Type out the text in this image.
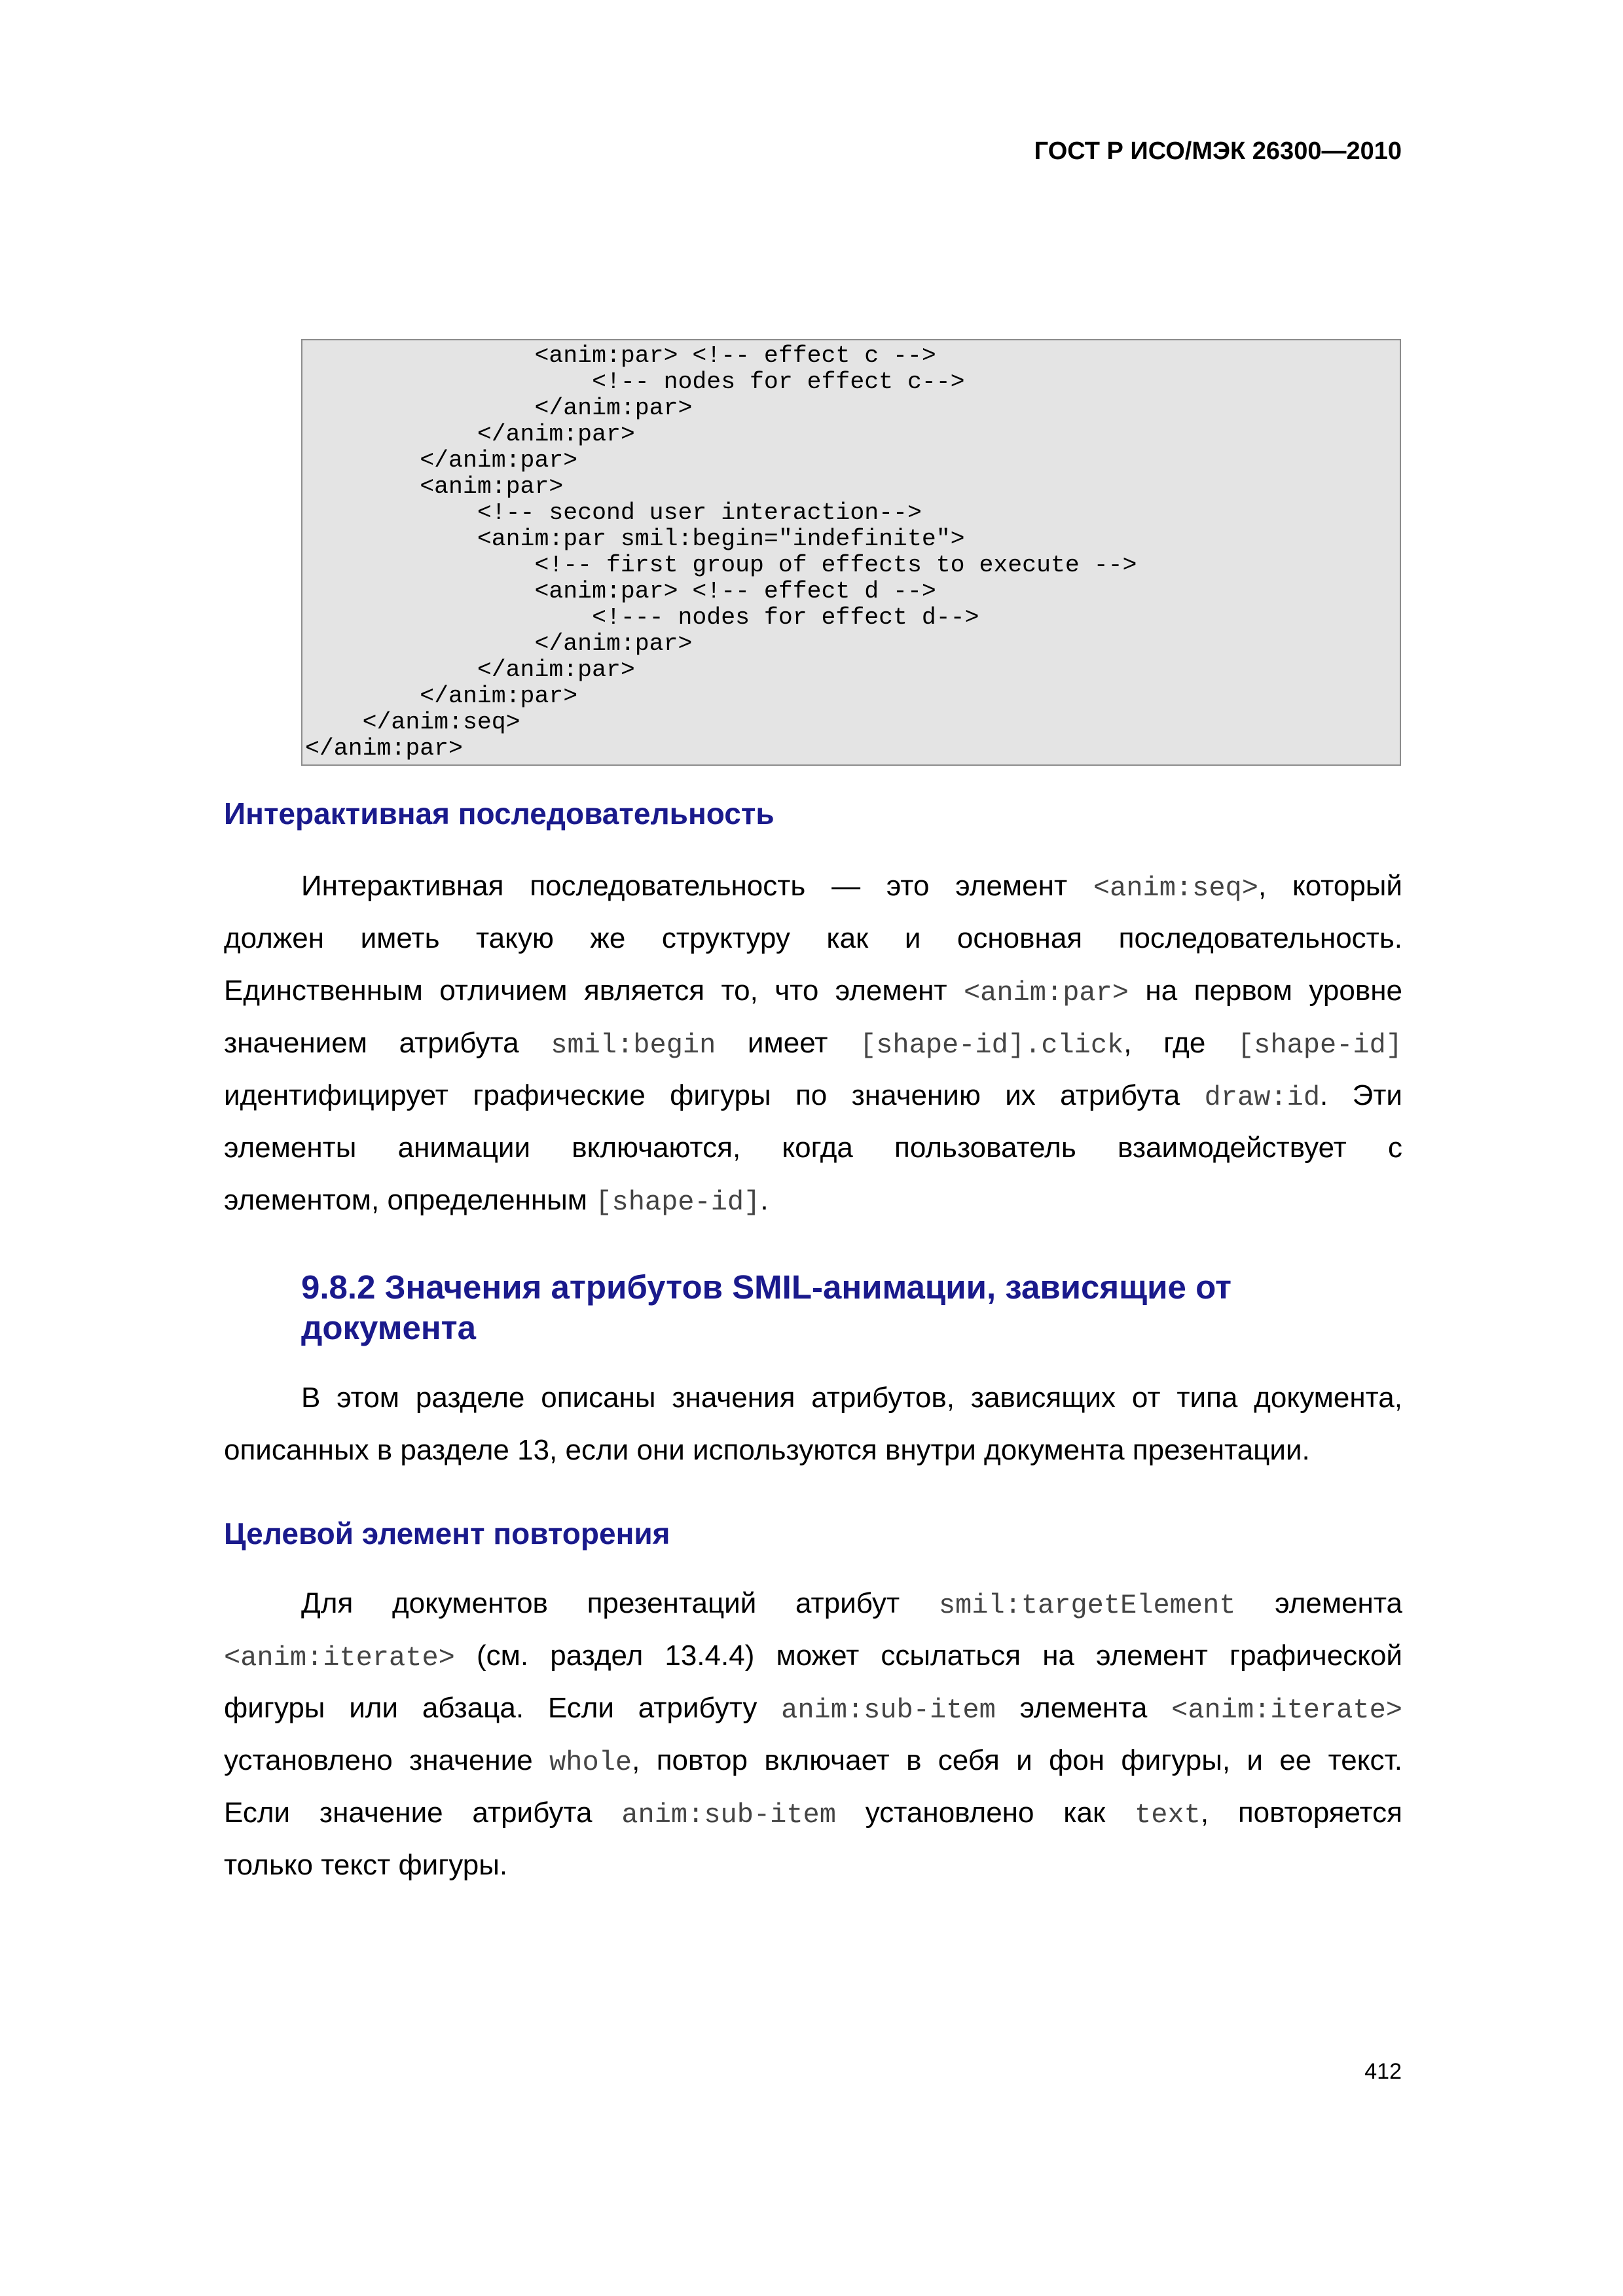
ГОСТ Р ИСО/МЭК 26300—2010
<anim:par> <!-- effect c -->
<!-- nodes for effect c-->
</anim:par>
</anim:par>
</anim:par>
<anim:par>
<!-- second user interaction-->
<anim:par smil:begin="indefinite">
<!-- first group of effects to execute -->
<anim:par> <!-- effect d -->
<!--- nodes for effect d-->
</anim:par>
</anim:par>
</anim:par>
</anim:seq>
</anim:par>
Интерактивная последовательность
Интерактивная последовательность — это элемент <anim:seq>, который
должен иметь такую же структуру как и основная последовательность.
Единственным отличием является то, что элемент <anim:par> на первом уровне
значением атрибута smil:begin имеет [shape-id].click, где [shape-id]
идентифицирует графические фигуры по значению их атрибута draw:id. Эти
элементы анимации включаются, когда пользователь взаимодействует с
элементом, определенным [shape-id].
9.8.2 Значения атрибутов SMIL-анимации, зависящие от
документа
В этом разделе описаны значения атрибутов, зависящих от типа документа,
описанных в разделе 13, если они используются внутри документа презентации.
Целевой элемент повторения
Для документов презентаций атрибут smil:targetElement элемента
<anim:iterate> (см. раздел 13.4.4) может ссылаться на элемент графической
фигуры или абзаца. Если атрибуту anim:sub-item элемента <anim:iterate>
установлено значение whole, повтор включает в себя и фон фигуры, и ее текст.
Если значение атрибута anim:sub-item установлено как text, повторяется
только текст фигуры.
412
